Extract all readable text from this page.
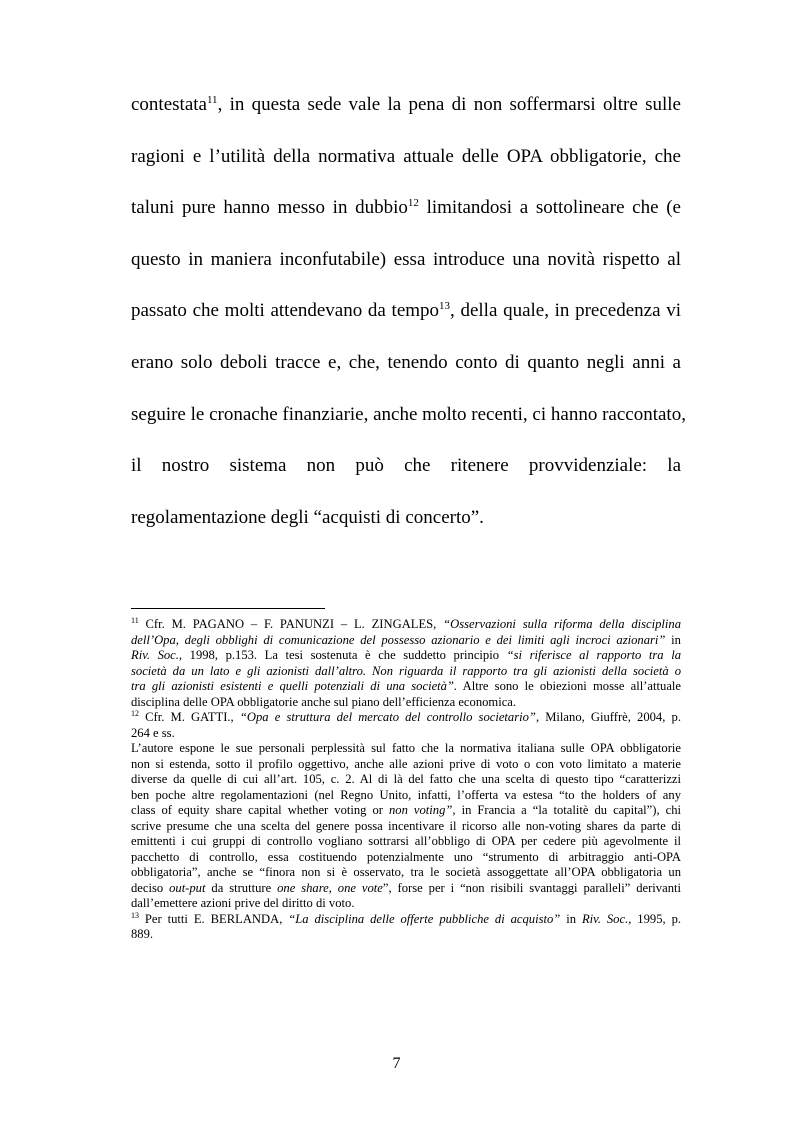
contestata$^{11}$, in questa sede vale la pena di non soffermarsi oltre sulle
ragioni e l’utilità della normativa attuale delle OPA obbligatorie, che
taluni pure hanno messo in dubbio$^{12}$ limitandosi a sottolineare che (e
questo in maniera inconfutabile) essa introduce una novità rispetto al
passato che molti attendevano da tempo$^{13}$, della quale, in precedenza vi
erano solo deboli tracce e, che, tenendo conto di quanto negli anni a
seguire le cronache finanziarie, anche molto recenti, ci hanno raccontato,
il nostro sistema non può che ritenere provvidenziale: la
regolamentazione degli “acquisti di concerto”.
$^{11}$ Cfr. M. PAGANO – F. PANUNZI – L. ZINGALES, “Osservazioni sulla riforma della disciplina
dell’Opa, degli obblighi di comunicazione del possesso azionario e dei limiti agli incroci azionari” in
Riv. Soc., 1998, p.153. La tesi sostenuta è che suddetto principio “si riferisce al rapporto tra la
società da un lato e gli azionisti dall’altro. Non riguarda il rapporto tra gli azionisti della società o
tra gli azionisti esistenti e quelli potenziali di una società”. Altre sono le obiezioni mosse all’attuale
disciplina delle OPA obbligatorie anche sul piano dell’efficienza economica.
$^{12}$ Cfr. M. GATTI., “Opa e struttura del mercato del controllo societario”, Milano, Giuffrè, 2004, p.
264 e ss.
L’autore espone le sue personali perplessità sul fatto che la normativa italiana sulle OPA obbligatorie
non si estenda, sotto il profilo oggettivo, anche alle azioni prive di voto o con voto limitato a materie
diverse da quelle di cui all’art. 105, c. 2. Al di là del fatto che una scelta di questo tipo “caratterizzi
ben poche altre regolamentazioni (nel Regno Unito, infatti, l’offerta va estesa “to the holders of any
class of equity share capital whether voting or non voting”, in Francia a “la totalitè du capital”), chi
scrive presume che una scelta del genere possa incentivare il ricorso alle non-voting shares da parte di
emittenti i cui gruppi di controllo vogliano sottrarsi all’obbligo di OPA per cedere più agevolmente il
pacchetto di controllo, essa costituendo potenzialmente uno “strumento di arbitraggio anti-OPA
obbligatoria”, anche se “finora non si è osservato, tra le società assoggettate all’OPA obbligatoria un
deciso out-put da strutture one share, one vote”, forse per i “non risibili svantaggi paralleli” derivanti
dall’emettere azioni prive del diritto di voto.
$^{13}$ Per tutti E. BERLANDA, “La disciplina delle offerte pubbliche di acquisto” in Riv. Soc., 1995, p.
889.
7
